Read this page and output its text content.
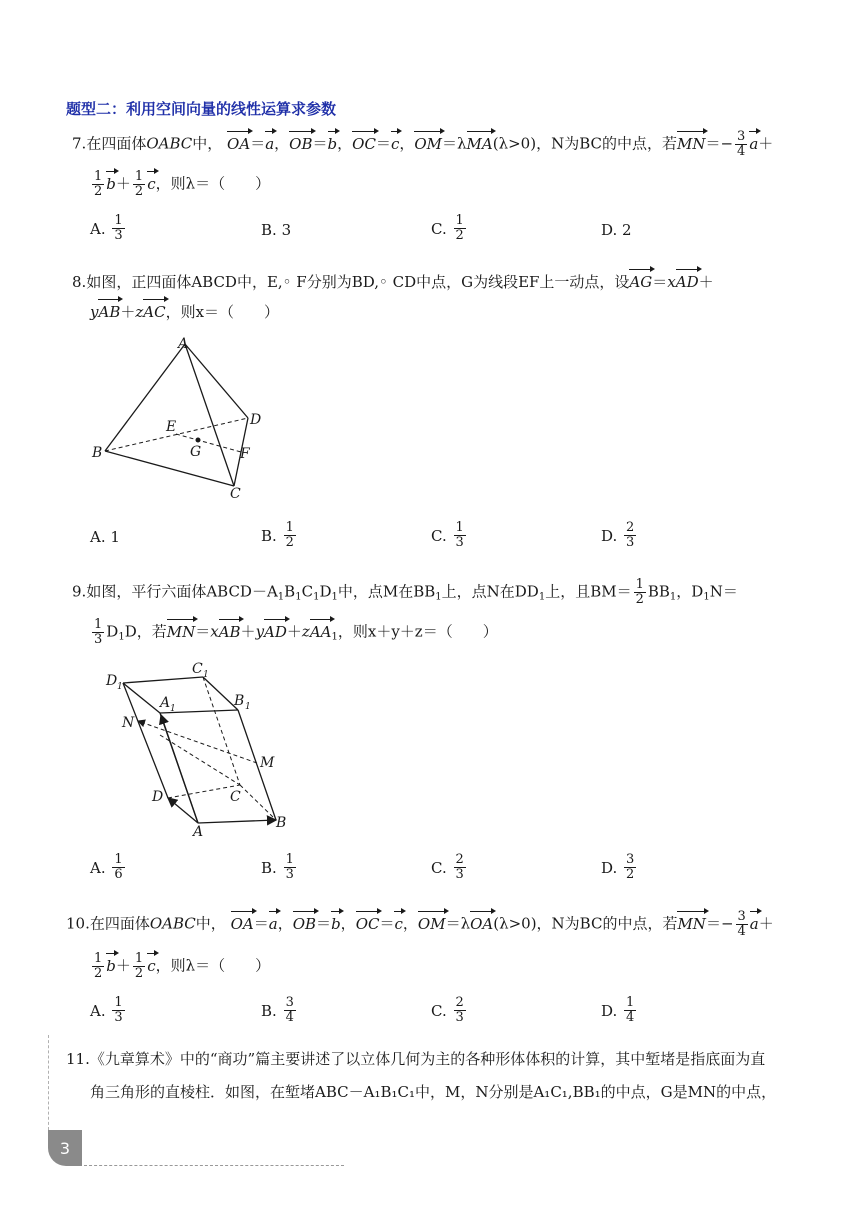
题型二：利用空间向量的线性运算求参数
7.在四面体OABC中， OA＝a，OB＝b，OC＝c，OM＝λMA(λ>0)，N为BC的中点，若$MN=- \frac{3}{4} a+$
$\frac{1}{2} b+ \frac{1}{2}$ c，则λ＝（　　）
A.
$\frac{1}{3}$	B.
3	C.
$\frac{1}{2}$	D.
2
8.如图，正四面体ABCD中，E,◦ F分别为BD,◦ CD中点，G为线段EF上一动点，设AG＝xAD＋
yAB＋zAC，则x＝（　　）
A
B
C
D
E
F
G
A.
1	B.
$\frac{1}{2}$	C.
$\frac{1}{3}$	D.
$\frac{2}{3}$
9.如图，平行六面体$ABCD-A_1B_1C_1D_1$中，点M在$BB_1$上，点N在$DD_1$上，且$BM= \frac{1}{2} BB_1$，$D_1N=$
$\frac{1}{3} D_1D$，若MN＝xAB＋yAD＋zAA$_1$，则x＋y＋z＝（　　）
D 1
C 1
A 1	B 1
N
M
D	C
A
B
A.
$\frac{1}{6}$	B.
$\frac{1}{3}$	C.
$\frac{2}{3}$	D.
$\frac{3}{2}$
10.在四面体OABC中， OA＝a，OB＝b，OC＝c，OM＝λOA(λ>0)，N为BC的中点，若$MN=- \frac{3}{4} a+$
$\frac{1}{2} b+ \frac{1}{2}$ c，则λ＝（　　）
A.
$\frac{1}{3}$	B.
$\frac{3}{4}$	C.
$\frac{2}{3}$	D.
$\frac{1}{4}$
11.《九章算术》中的“商功”篇主要讲述了以立体几何为主的各种形体体积的计算，其中堑堵是指底面为直
角三角形的直棱柱．如图，在堑堵ABC－A₁B₁C₁中，M，N分别是A₁C₁,BB₁的中点，G是MN的中点，
3
